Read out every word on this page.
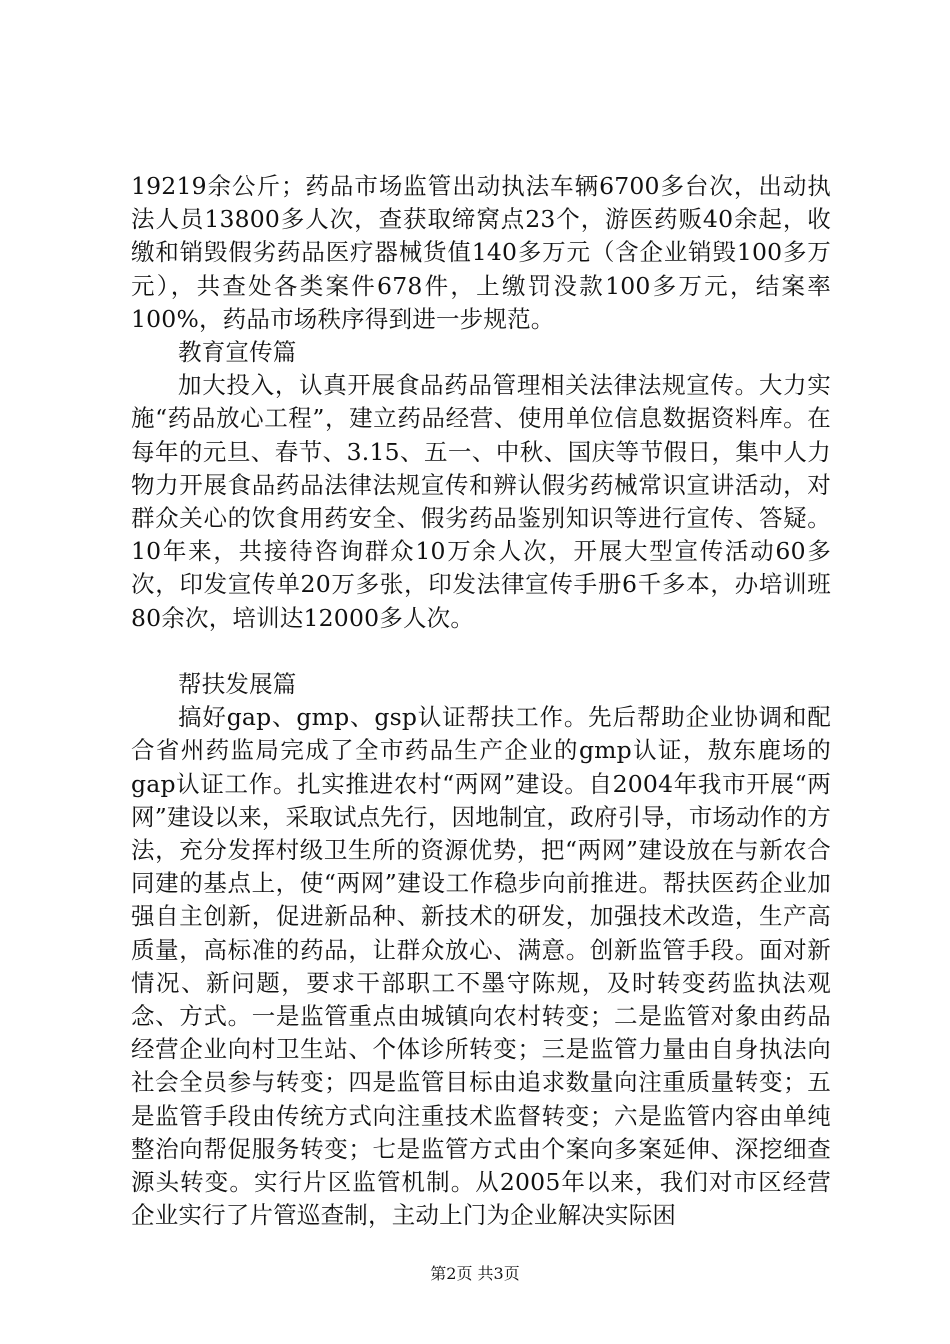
19219余公斤；药品市场监管出动执法车辆6700多台次，出动执法人员13800多人次，查获取缔窝点23个，游医药贩40余起，收缴和销毁假劣药品医疗器械货值140多万元（含企业销毁100多万元），共查处各类案件678件，上缴罚没款100多万元，结案率100%，药品市场秩序得到进一步规范。

教育宣传篇

加大投入，认真开展食品药品管理相关法律法规宣传。大力实施“药品放心工程”，建立药品经营、使用单位信息数据资料库。在每年的元旦、春节、3.15、五一、中秋、国庆等节假日，集中人力物力开展食品药品法律法规宣传和辨认假劣药械常识宣讲活动，对群众关心的饮食用药安全、假劣药品鉴别知识等进行宣传、答疑。10年来，共接待咨询群众10万余人次，开展大型宣传活动60多次，印发宣传单20万多张，印发法律宣传手册6千多本，办培训班80余次，培训达12000多人次。

帮扶发展篇

搞好gap、gmp、gsp认证帮扶工作。先后帮助企业协调和配合省州药监局完成了全市药品生产企业的gmp认证，敖东鹿场的gap认证工作。扎实推进农村“两网”建设。自2004年我市开展“两网”建设以来，采取试点先行，因地制宜，政府引导，市场动作的方法，充分发挥村级卫生所的资源优势，把“两网”建设放在与新农合同建的基点上，使“两网”建设工作稳步向前推进。帮扶医药企业加强自主创新，促进新品种、新技术的研发，加强技术改造，生产高质量，高标准的药品，让群众放心、满意。创新监管手段。面对新情况、新问题，要求干部职工不墨守陈规，及时转变药监执法观念、方式。一是监管重点由城镇向农村转变；二是监管对象由药品经营企业向村卫生站、个体诊所转变；三是监管力量由自身执法向社会全员参与转变；四是监管目标由追求数量向注重质量转变；五是监管手段由传统方式向注重技术监督转变；六是监管内容由单纯整治向帮促服务转变；七是监管方式由个案向多案延伸、深挖细查源头转变。实行片区监管机制。从2005年以来，我们对市区经营企业实行了片管巡查制，主动上门为企业解决实际困

第2页 共3页
